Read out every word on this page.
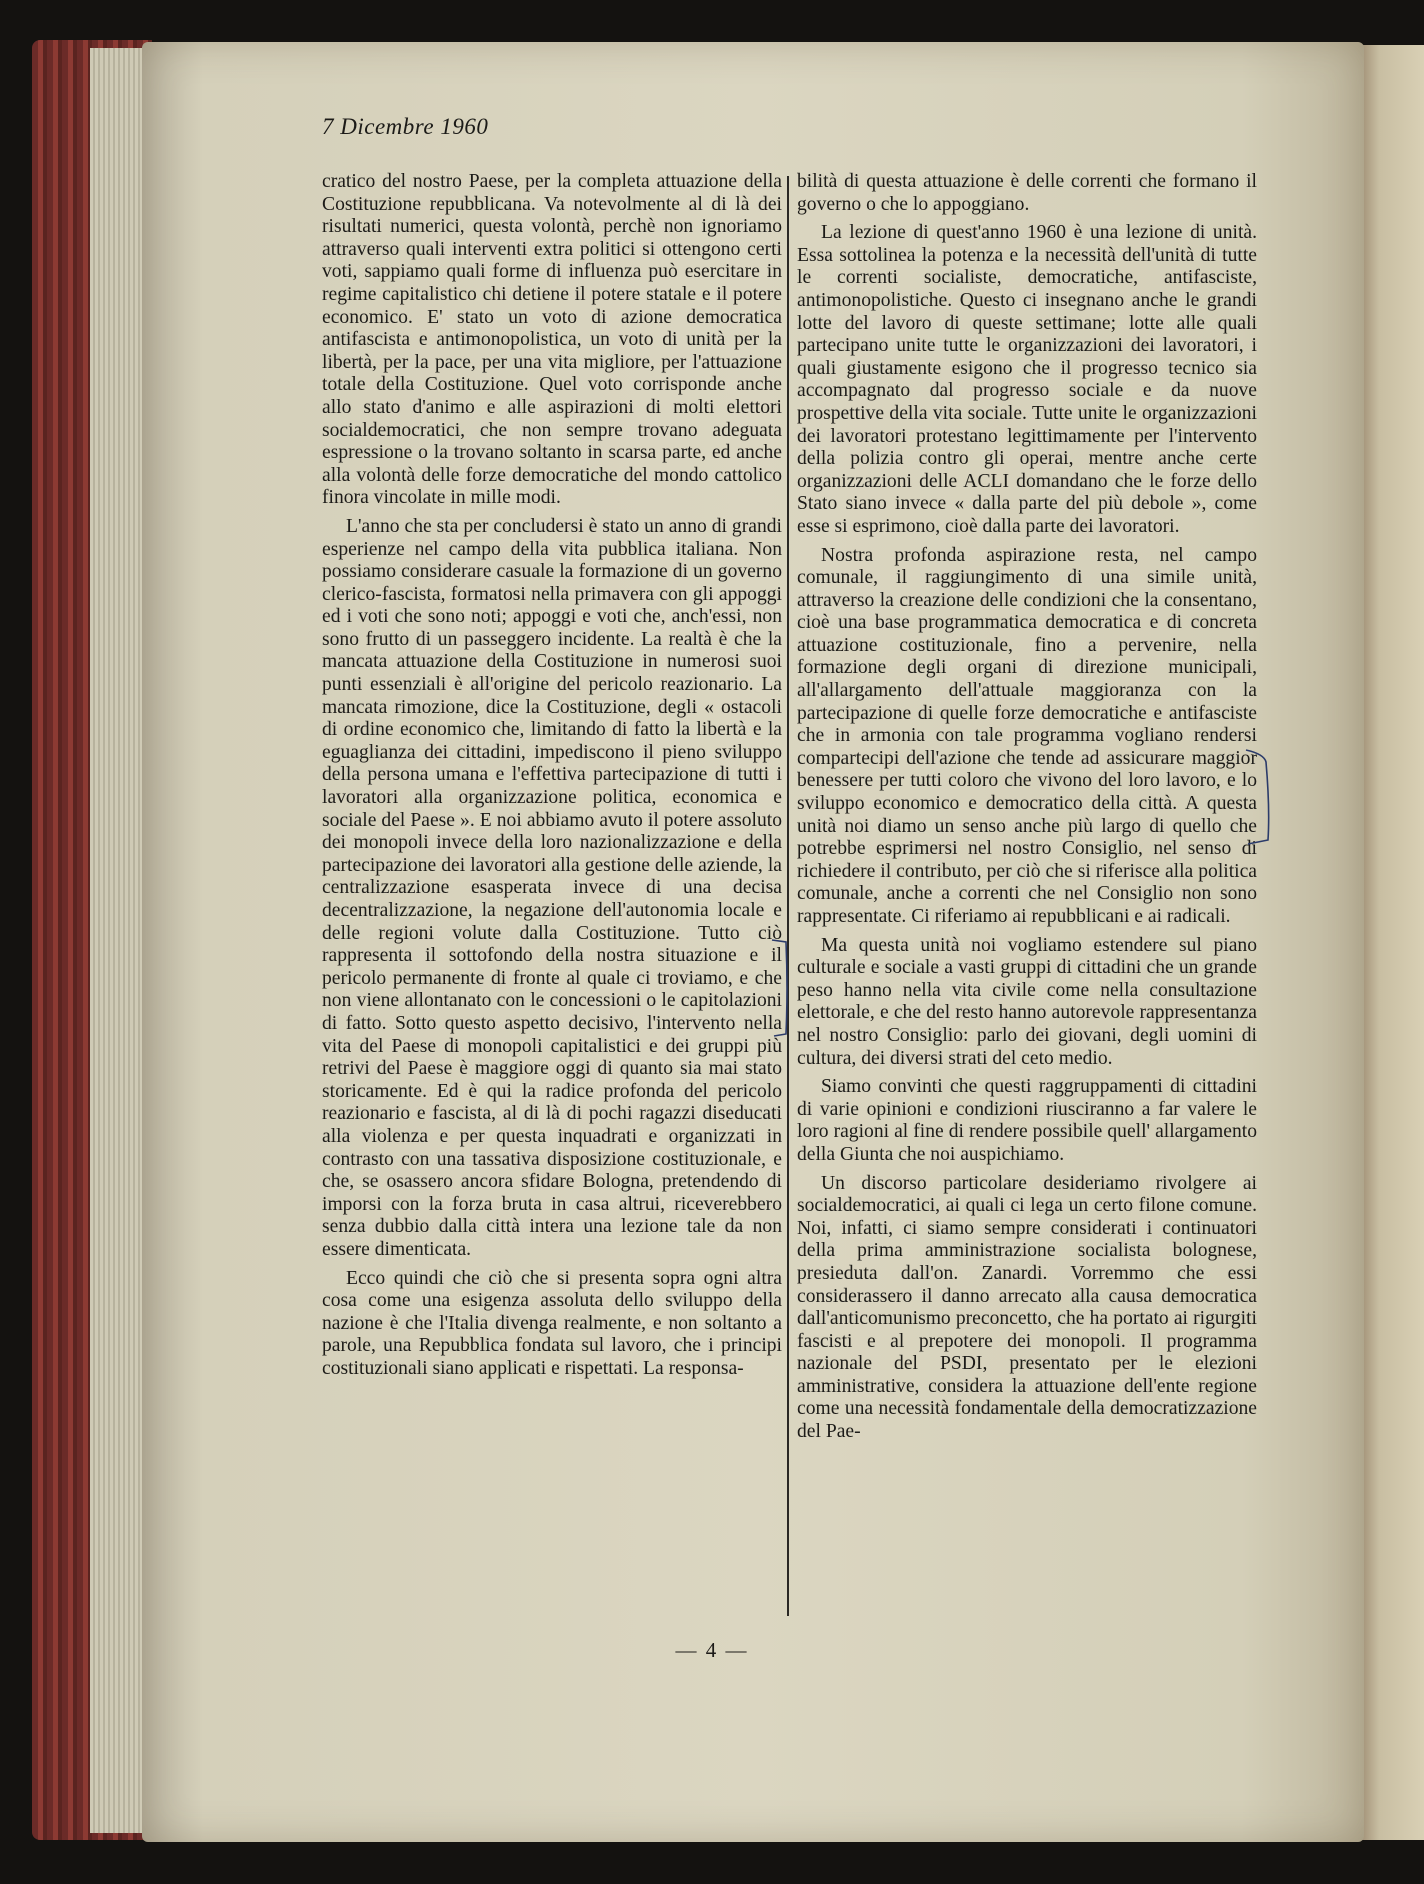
7 Dicembre 1960

cratico del nostro Paese, per la completa attuazione della Costituzione repubblicana. Va notevolmente al di là dei risultati numerici, questa volontà, perchè non ignoriamo attraverso quali interventi extra politici si ottengono certi voti, sappiamo quali forme di influenza può esercitare in regime capitalistico chi detiene il potere statale e il potere economico. E' stato un voto di azione democratica antifascista e antimonopolistica, un voto di unità per la libertà, per la pace, per una vita migliore, per l'attuazione totale della Costituzione. Quel voto corrisponde anche allo stato d'animo e alle aspirazioni di molti elettori socialdemocratici, che non sempre trovano adeguata espressione o la trovano soltanto in scarsa parte, ed anche alla volontà delle forze democratiche del mondo cattolico finora vincolate in mille modi.

L'anno che sta per concludersi è stato un anno di grandi esperienze nel campo della vita pubblica italiana. Non possiamo considerare casuale la formazione di un governo clerico-fascista, formatosi nella primavera con gli appoggi ed i voti che sono noti; appoggi e voti che, anch'essi, non sono frutto di un passeggero incidente. La realtà è che la mancata attuazione della Costituzione in numerosi suoi punti essenziali è all'origine del pericolo reazionario. La mancata rimozione, dice la Costituzione, degli « ostacoli di ordine economico che, limitando di fatto la libertà e la eguaglianza dei cittadini, impediscono il pieno sviluppo della persona umana e l'effettiva partecipazione di tutti i lavoratori alla organizzazione politica, economica e sociale del Paese ». E noi abbiamo avuto il potere assoluto dei monopoli invece della loro nazionalizzazione e della partecipazione dei lavoratori alla gestione delle aziende, la centralizzazione esasperata invece di una decisa decentralizzazione, la negazione dell'autonomia locale e delle regioni volute dalla Costituzione. Tutto ciò rappresenta il sottofondo della nostra situazione e il pericolo permanente di fronte al quale ci troviamo, e che non viene allontanato con le concessioni o le capitolazioni di fatto. Sotto questo aspetto decisivo, l'intervento nella vita del Paese di monopoli capitalistici e dei gruppi più retrivi del Paese è maggiore oggi di quanto sia mai stato storicamente. Ed è qui la radice profonda del pericolo reazionario e fascista, al di là di pochi ragazzi diseducati alla violenza e per questa inquadrati e organizzati in contrasto con una tassativa disposizione costituzionale, e che, se osassero ancora sfidare Bologna, pretendendo di imporsi con la forza bruta in casa altrui, riceverebbero senza dubbio dalla città intera una lezione tale da non essere dimenticata.

Ecco quindi che ciò che si presenta sopra ogni altra cosa come una esigenza assoluta dello sviluppo della nazione è che l'Italia divenga realmente, e non soltanto a parole, una Repubblica fondata sul lavoro, che i principi costituzionali siano applicati e rispettati. La responsa-

bilità di questa attuazione è delle correnti che formano il governo o che lo appoggiano.

La lezione di quest'anno 1960 è una lezione di unità. Essa sottolinea la potenza e la necessità dell'unità di tutte le correnti socialiste, democratiche, antifasciste, antimonopolistiche. Questo ci insegnano anche le grandi lotte del lavoro di queste settimane; lotte alle quali partecipano unite tutte le organizzazioni dei lavoratori, i quali giustamente esigono che il progresso tecnico sia accompagnato dal progresso sociale e da nuove prospettive della vita sociale. Tutte unite le organizzazioni dei lavoratori protestano legittimamente per l'intervento della polizia contro gli operai, mentre anche certe organizzazioni delle ACLI domandano che le forze dello Stato siano invece « dalla parte del più debole », come esse si esprimono, cioè dalla parte dei lavoratori.

Nostra profonda aspirazione resta, nel campo comunale, il raggiungimento di una simile unità, attraverso la creazione delle condizioni che la consentano, cioè una base programmatica democratica e di concreta attuazione costituzionale, fino a pervenire, nella formazione degli organi di direzione municipali, all'allargamento dell'attuale maggioranza con la partecipazione di quelle forze democratiche e antifasciste che in armonia con tale programma vogliano rendersi compartecipi dell'azione che tende ad assicurare maggior benessere per tutti coloro che vivono del loro lavoro, e lo sviluppo economico e democratico della città. A questa unità noi diamo un senso anche più largo di quello che potrebbe esprimersi nel nostro Consiglio, nel senso di richiedere il contributo, per ciò che si riferisce alla politica comunale, anche a correnti che nel Consiglio non sono rappresentate. Ci riferiamo ai repubblicani e ai radicali.

Ma questa unità noi vogliamo estendere sul piano culturale e sociale a vasti gruppi di cittadini che un grande peso hanno nella vita civile come nella consultazione elettorale, e che del resto hanno autorevole rappresentanza nel nostro Consiglio: parlo dei giovani, degli uomini di cultura, dei diversi strati del ceto medio.

Siamo convinti che questi raggruppamenti di cittadini di varie opinioni e condizioni riusciranno a far valere le loro ragioni al fine di rendere possibile quell' allargamento della Giunta che noi auspichiamo.

Un discorso particolare desideriamo rivolgere ai socialdemocratici, ai quali ci lega un certo filone comune. Noi, infatti, ci siamo sempre considerati i continuatori della prima amministrazione socialista bolognese, presieduta dall'on. Zanardi. Vorremmo che essi considerassero il danno arrecato alla causa democratica dall'anticomunismo preconcetto, che ha portato ai rigurgiti fascisti e al prepotere dei monopoli. Il programma nazionale del PSDI, presentato per le elezioni amministrative, considera la attuazione dell'ente regione come una necessità fondamentale della democratizzazione del Pae-

— 4 —
